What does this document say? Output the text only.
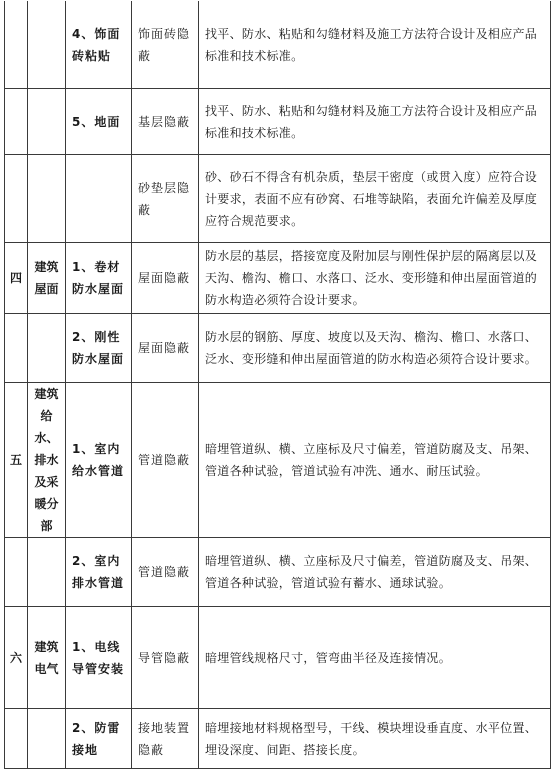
		4、饰面砖粘贴	饰面砖隐蔽	找平、防水、粘贴和勾缝材料及施工方法符合设计及相应产品标准和技术标准。
		5、地面	基层隐蔽	找平、防水、粘贴和勾缝材料及施工方法符合设计及相应产品标准和技术标准。
			砂垫层隐蔽	砂、砂石不得含有机杂质，垫层干密度（或贯入度）应符合设计要求，表面不应有砂窝、石堆等缺陷，表面允许偏差及厚度应符合规范要求。
四	建筑屋面	1、卷材防水屋面	屋面隐蔽	防水层的基层，搭接宽度及附加层与刚性保护层的隔离层以及天沟、檐沟、檐口、水落口、泛水、变形缝和伸出屋面管道的防水构造必须符合设计要求。
		2、刚性防水屋面	屋面隐蔽	防水层的钢筋、厚度、坡度以及天沟、檐沟、檐口、水落口、泛水、变形缝和伸出屋面管道的防水构造必须符合设计要求。
五	建筑给水、排水及采暖分部	1、室内给水管道	管道隐蔽	暗埋管道纵、横、立座标及尺寸偏差，管道防腐及支、吊架、管道各种试验，管道试验有冲洗、通水、耐压试验。
		2、室内排水管道	管道隐蔽	暗埋管道纵、横、立座标及尺寸偏差，管道防腐及支、吊架、管道各种试验，管道试验有蓄水、通球试验。
六	建筑电气	1、电线导管安装	导管隐蔽	暗埋管线规格尺寸，管弯曲半径及连接情况。
		2、防雷接地	接地装置隐蔽	暗埋接地材料规格型号，干线、模块埋设垂直度、水平位置、埋设深度、间距、搭接长度。
